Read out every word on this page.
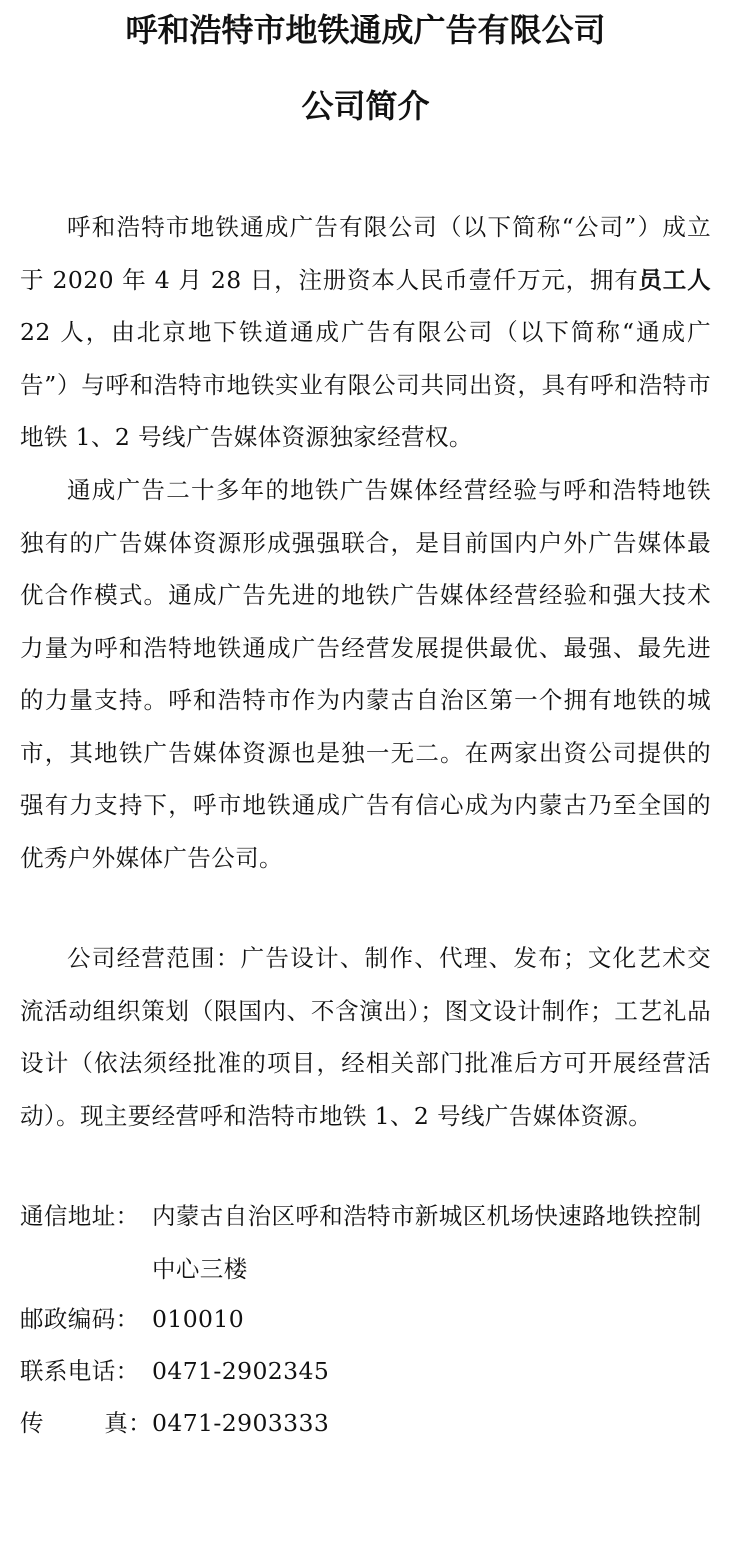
呼和浩特市地铁通成广告有限公司
公司简介

呼和浩特市地铁通成广告有限公司（以下简称“公司”）成立于 2020 年 4 月 28 日，注册资本人民币壹仟万元，拥有员工人 22 人，由北京地下铁道通成广告有限公司（以下简称“通成广告”）与呼和浩特市地铁实业有限公司共同出资，具有呼和浩特市地铁 1、2 号线广告媒体资源独家经营权。

通成广告二十多年的地铁广告媒体经营经验与呼和浩特地铁独有的广告媒体资源形成强强联合，是目前国内户外广告媒体最优合作模式。通成广告先进的地铁广告媒体经营经验和强大技术力量为呼和浩特地铁通成广告经营发展提供最优、最强、最先进的力量支持。呼和浩特市作为内蒙古自治区第一个拥有地铁的城市，其地铁广告媒体资源也是独一无二。在两家出资公司提供的强有力支持下，呼市地铁通成广告有信心成为内蒙古乃至全国的优秀户外媒体广告公司。

公司经营范围：广告设计、制作、代理、发布；文化艺术交流活动组织策划（限国内、不含演出）；图文设计制作；工艺礼品设计（依法须经批准的项目，经相关部门批准后方可开展经营活动）。现主要经营呼和浩特市地铁 1、2 号线广告媒体资源。

通信地址： 内蒙古自治区呼和浩特市新城区机场快速路地铁控制中心三楼
邮政编码： 010010
联系电话： 0471-2902345
传	真： 0471-2903333
